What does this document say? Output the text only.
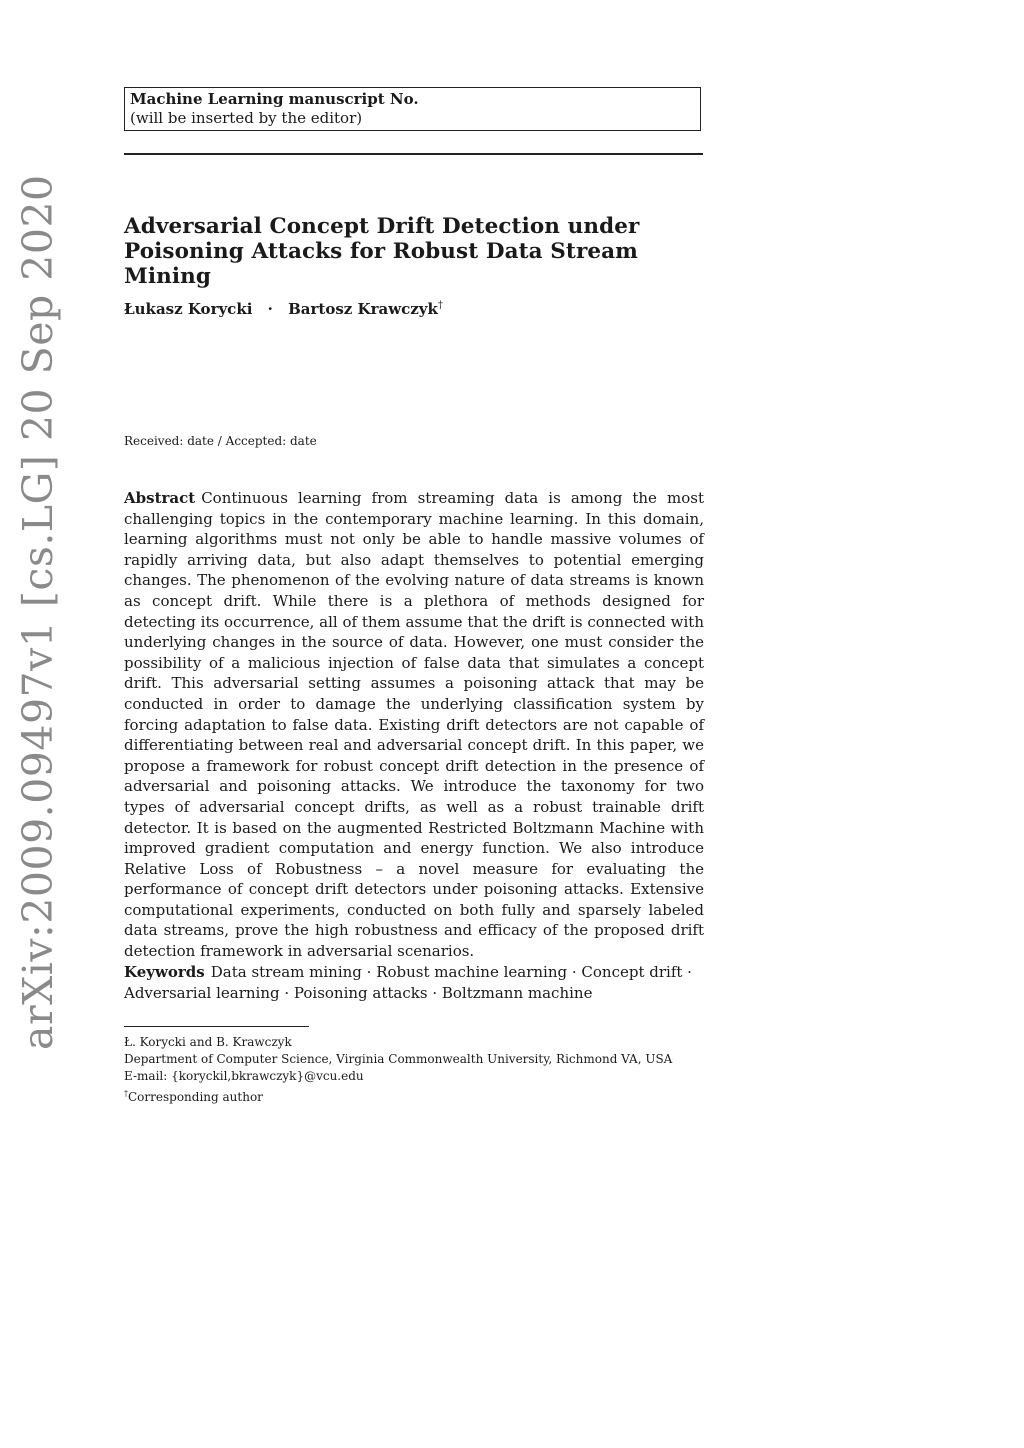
Machine Learning manuscript No.
(will be inserted by the editor)
Adversarial Concept Drift Detection under
Poisoning Attacks for Robust Data Stream Mining
Łukasz Korycki · Bartosz Krawczyk†
Received: date / Accepted: date
Abstract Continuous learning from streaming data is among the most challenging topics in the contemporary machine learning. In this domain, learning algorithms must not only be able to handle massive volumes of rapidly arriving data, but also adapt themselves to potential emerging changes. The phenomenon of the evolving nature of data streams is known as concept drift. While there is a plethora of methods designed for detecting its occurrence, all of them assume that the drift is connected with underlying changes in the source of data. However, one must consider the possibility of a malicious injection of false data that simulates a concept drift. This adversarial setting assumes a poisoning attack that may be conducted in order to damage the underlying classification system by forcing adaptation to false data. Existing drift detectors are not capable of differentiating between real and adversarial concept drift. In this paper, we propose a framework for robust concept drift detection in the presence of adversarial and poisoning attacks. We introduce the taxonomy for two types of adversarial concept drifts, as well as a robust trainable drift detector. It is based on the augmented Restricted Boltzmann Machine with improved gradient computation and energy function. We also introduce Relative Loss of Robustness – a novel measure for evaluating the performance of concept drift detectors under poisoning attacks. Extensive computational experiments, conducted on both fully and sparsely labeled data streams, prove the high robustness and efficacy of the proposed drift detection framework in adversarial scenarios.
Keywords Data stream mining · Robust machine learning · Concept drift · Adversarial learning · Poisoning attacks · Boltzmann machine
Ł. Korycki and B. Krawczyk
Department of Computer Science, Virginia Commonwealth University, Richmond VA, USA
E-mail: {koryckil,bkrawczyk}@vcu.edu
†Corresponding author
arXiv:2009.09497v1 [cs.LG] 20 Sep 2020
